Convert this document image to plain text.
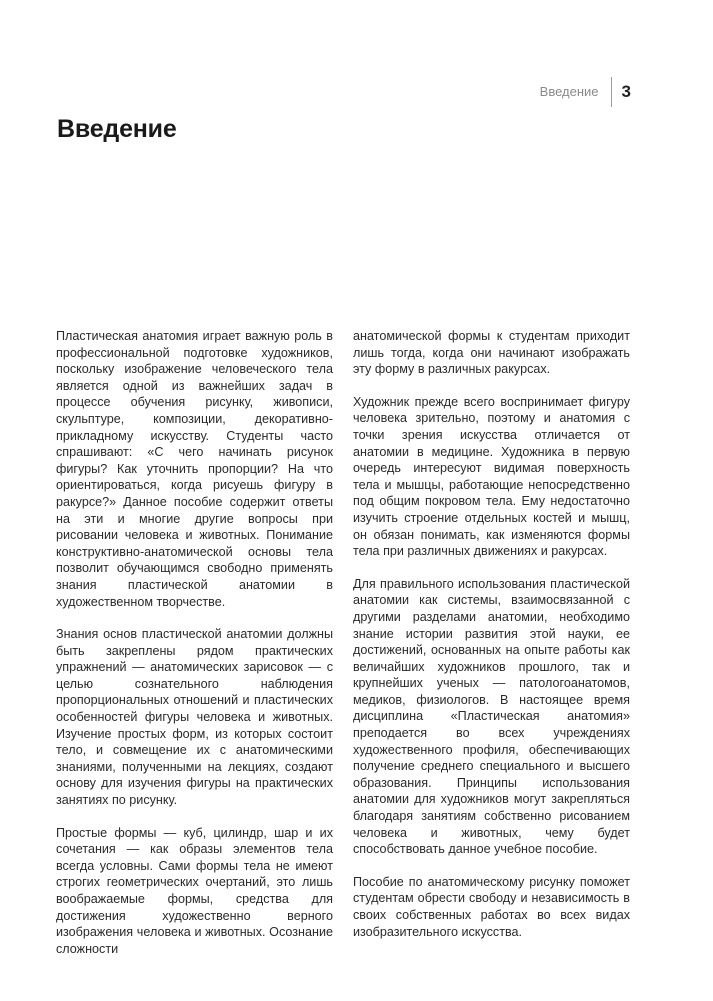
Введение	3
Введение

Пластическая анатомия играет важную роль в профессиональной подготовке художников, поскольку изображение человеческого тела является одной из важнейших задач в процессе обучения рисунку, живописи, скульптуре, композиции, декоративно-прикладному искусству. Студенты часто спрашивают: «С чего начинать рисунок фигуры? Как уточнить пропорции? На что ориентироваться, когда рисуешь фигуру в ракурсе?» Данное пособие содержит ответы на эти и многие другие вопросы при рисовании человека и животных. Понимание конструктивно-анатомической основы тела позволит обучающимся свободно применять знания пластической анатомии в художественном творчестве.

Знания основ пластической анатомии должны быть закреплены рядом практических упражнений — анатомических зарисовок — с целью сознательного наблюдения пропорциональных отношений и пластических особенностей фигуры человека и животных. Изучение простых форм, из которых состоит тело, и совмещение их с анатомическими знаниями, полученными на лекциях, создают основу для изучения фигуры на практических занятиях по рисунку.

Простые формы — куб, цилиндр, шар и их сочетания — как образы элементов тела всегда условны. Сами формы тела не имеют строгих геометрических очертаний, это лишь воображаемые формы, средства для достижения художественно верного изображения человека и животных. Осознание сложности

анатомической формы к студентам приходит лишь тогда, когда они начинают изображать эту форму в различных ракурсах.

Художник прежде всего воспринимает фигуру человека зрительно, поэтому и анатомия с точки зрения искусства отличается от анатомии в медицине. Художника в первую очередь интересуют видимая поверхность тела и мышцы, работающие непосредственно под общим покровом тела. Ему недостаточно изучить строение отдельных костей и мышц, он обязан понимать, как изменяются формы тела при различных движениях и ракурсах.

Для правильного использования пластической анатомии как системы, взаимосвязанной с другими разделами анатомии, необходимо знание истории развития этой науки, ее достижений, основанных на опыте работы как величайших художников прошлого, так и крупнейших ученых — патологоанатомов, медиков, физиологов. В настоящее время дисциплина «Пластическая анатомия» преподается во всех учреждениях художественного профиля, обеспечивающих получение среднего специального и высшего образования. Принципы использования анатомии для художников могут закрепляться благодаря занятиям собственно рисованием человека и животных, чему будет способствовать данное учебное пособие.

Пособие по анатомическому рисунку поможет студентам обрести свободу и независимость в своих собственных работах во всех видах изобразительного искусства.
